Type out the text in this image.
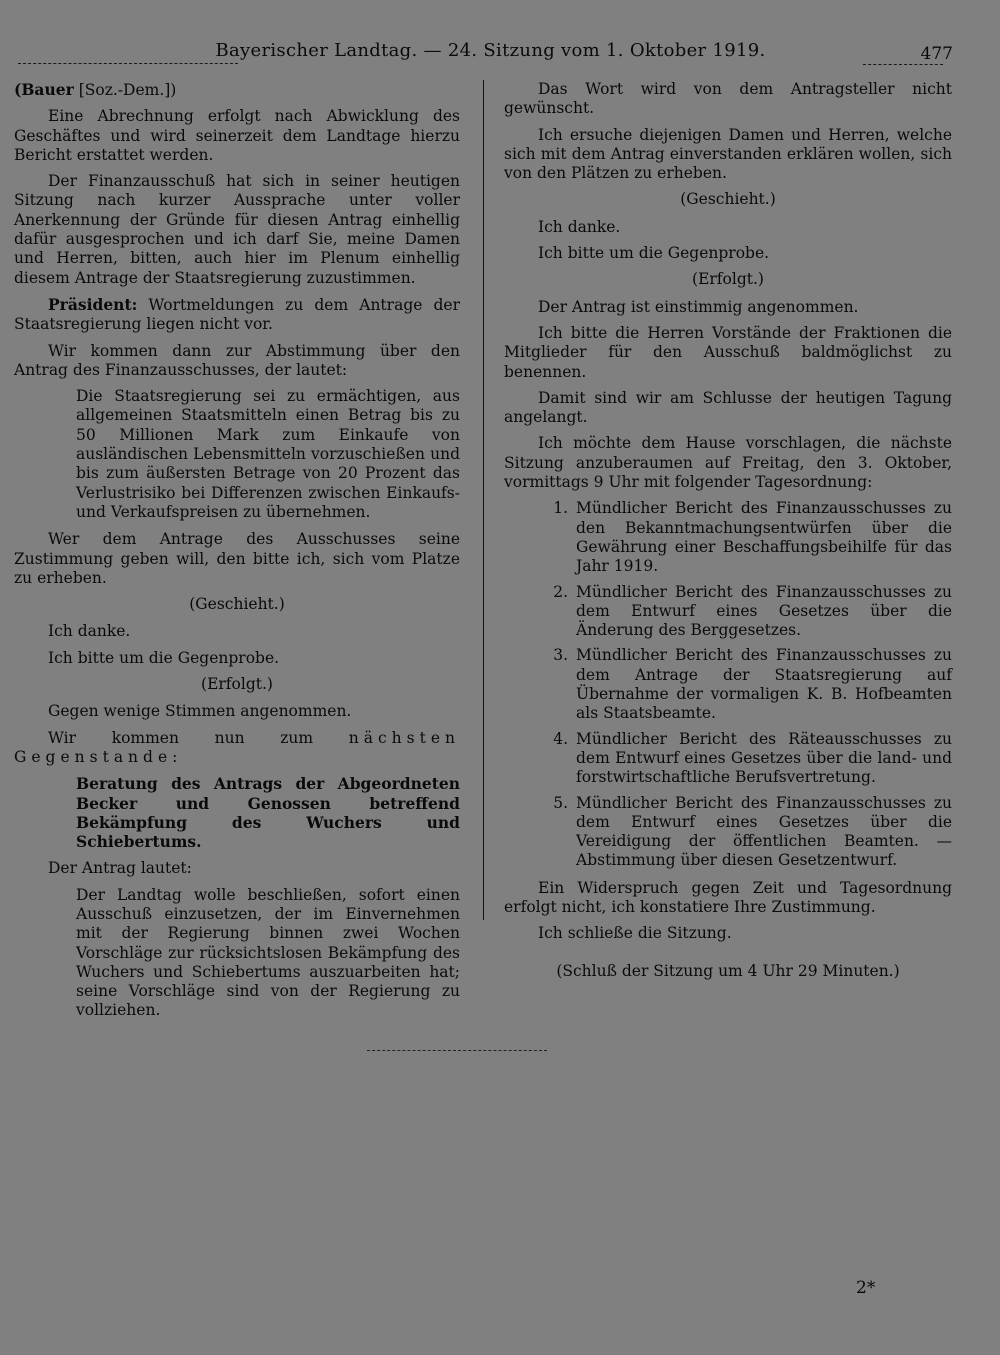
Bayerischer Landtag. — 24. Sitzung vom 1. Oktober 1919.	477

(Bauer [Soz.-Dem.])

Eine Abrechnung erfolgt nach Abwicklung des Geschäftes und wird seinerzeit dem Landtage hierzu Bericht erstattet werden.

Der Finanzausschuß hat sich in seiner heutigen Sitzung nach kurzer Aussprache unter voller Anerkennung der Gründe für diesen Antrag einhellig dafür ausgesprochen und ich darf Sie, meine Damen und Herren, bitten, auch hier im Plenum einhellig diesem Antrage der Staatsregierung zuzustimmen.

Präsident: Wortmeldungen zu dem Antrage der Staatsregierung liegen nicht vor.

Wir kommen dann zur Abstimmung über den Antrag des Finanzausschusses, der lautet:

Die Staatsregierung sei zu ermächtigen, aus allgemeinen Staatsmitteln einen Betrag bis zu 50 Millionen Mark zum Einkaufe von ausländischen Lebensmitteln vorzuschießen und bis zum äußersten Betrage von 20 Prozent das Verlustrisiko bei Differenzen zwischen Einkaufs- und Verkaufspreisen zu übernehmen.

Wer dem Antrage des Ausschusses seine Zustimmung geben will, den bitte ich, sich vom Platze zu erheben.

(Geschieht.)

Ich danke.

Ich bitte um die Gegenprobe.

(Erfolgt.)

Gegen wenige Stimmen angenommen.

Wir kommen nun zum nächsten Gegenstande:

Beratung des Antrags der Abgeordneten Becker und Genossen betreffend Bekämpfung des Wuchers und Schiebertums.

Der Antrag lautet:

Der Landtag wolle beschließen, sofort einen Ausschuß einzusetzen, der im Einvernehmen mit der Regierung binnen zwei Wochen Vorschläge zur rücksichtslosen Bekämpfung des Wuchers und Schiebertums auszuarbeiten hat; seine Vorschläge sind von der Regierung zu vollziehen.

Das Wort wird von dem Antragsteller nicht gewünscht.

Ich ersuche diejenigen Damen und Herren, welche sich mit dem Antrag einverstanden erklären wollen, sich von den Plätzen zu erheben.

(Geschieht.)

Ich danke.

Ich bitte um die Gegenprobe.

(Erfolgt.)

Der Antrag ist einstimmig angenommen.

Ich bitte die Herren Vorstände der Fraktionen die Mitglieder für den Ausschuß baldmöglichst zu benennen.

Damit sind wir am Schlusse der heutigen Tagung angelangt.

Ich möchte dem Hause vorschlagen, die nächste Sitzung anzuberaumen auf Freitag, den 3. Oktober, vormittags 9 Uhr mit folgender Tagesordnung:

1. Mündlicher Bericht des Finanzausschusses zu den Bekanntmachungsentwürfen über die Gewährung einer Beschaffungsbeihilfe für das Jahr 1919.
2. Mündlicher Bericht des Finanzausschusses zu dem Entwurf eines Gesetzes über die Änderung des Berggesetzes.
3. Mündlicher Bericht des Finanzausschusses zu dem Antrage der Staatsregierung auf Übernahme der vormaligen K. B. Hofbeamten als Staatsbeamte.
4. Mündlicher Bericht des Räteausschusses zu dem Entwurf eines Gesetzes über die land- und forstwirtschaftliche Berufsvertretung.
5. Mündlicher Bericht des Finanzausschusses zu dem Entwurf eines Gesetzes über die Vereidigung der öffentlichen Beamten. — Abstimmung über diesen Gesetzentwurf.

Ein Widerspruch gegen Zeit und Tagesordnung erfolgt nicht, ich konstatiere Ihre Zustimmung.

Ich schließe die Sitzung.

(Schluß der Sitzung um 4 Uhr 29 Minuten.)

2*
